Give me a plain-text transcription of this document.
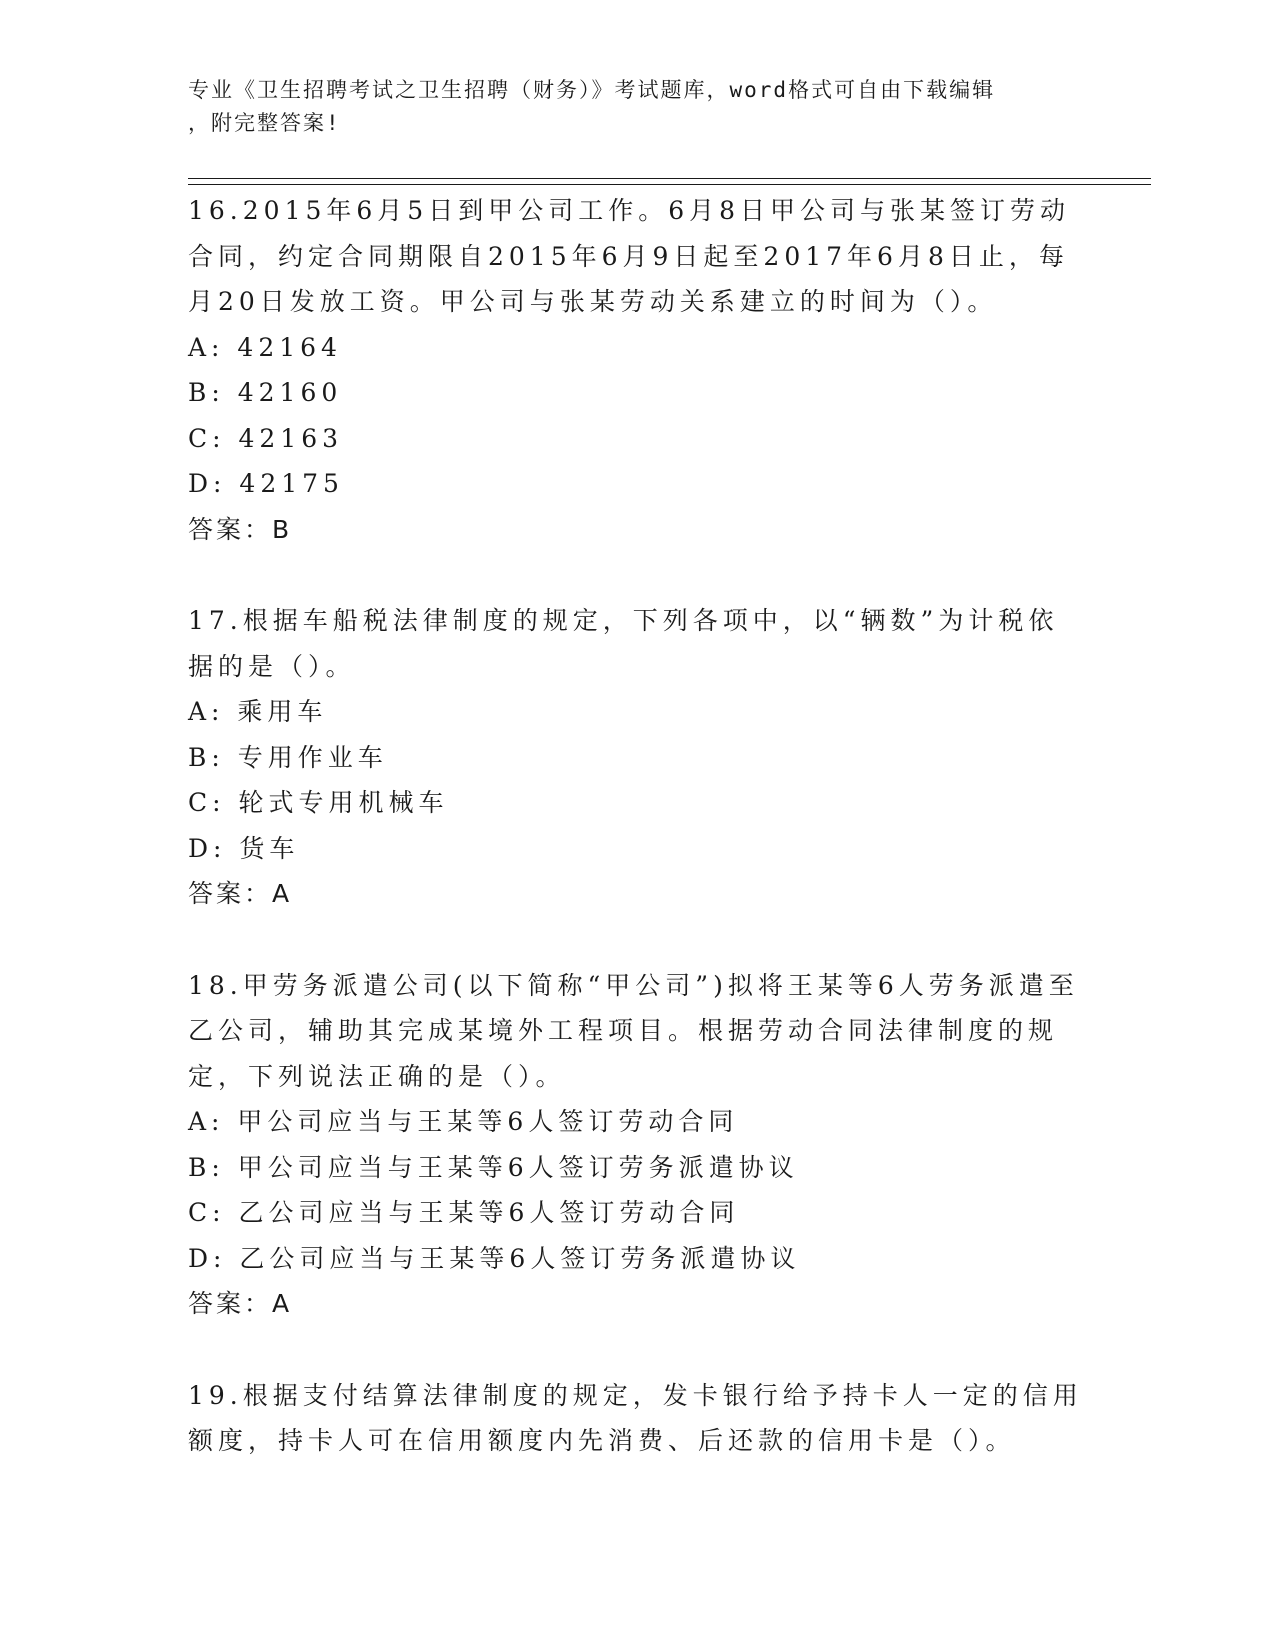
专业《卫生招聘考试之卫生招聘（财务）》考试题库，word格式可自由下载编辑
，附完整答案!

16.2015年6月5日到甲公司工作。6月8日甲公司与张某签订劳动合同，约定合同期限自2015年6月9日起至2017年6月8日止，每月20日发放工资。甲公司与张某劳动关系建立的时间为（）。

A: 42164

B: 42160

C: 42163

D: 42175

答案：B

17.根据车船税法律制度的规定，下列各项中，以“辆数”为计税依据的是（）。

A: 乘用车

B: 专用作业车

C: 轮式专用机械车

D: 货车

答案：A

18.甲劳务派遣公司(以下简称“甲公司”)拟将王某等6人劳务派遣至乙公司，辅助其完成某境外工程项目。根据劳动合同法律制度的规定，下列说法正确的是（）。

A: 甲公司应当与王某等6人签订劳动合同

B: 甲公司应当与王某等6人签订劳务派遣协议

C: 乙公司应当与王某等6人签订劳动合同

D: 乙公司应当与王某等6人签订劳务派遣协议

答案：A

19.根据支付结算法律制度的规定，发卡银行给予持卡人一定的信用额度，持卡人可在信用额度内先消费、后还款的信用卡是（）。
